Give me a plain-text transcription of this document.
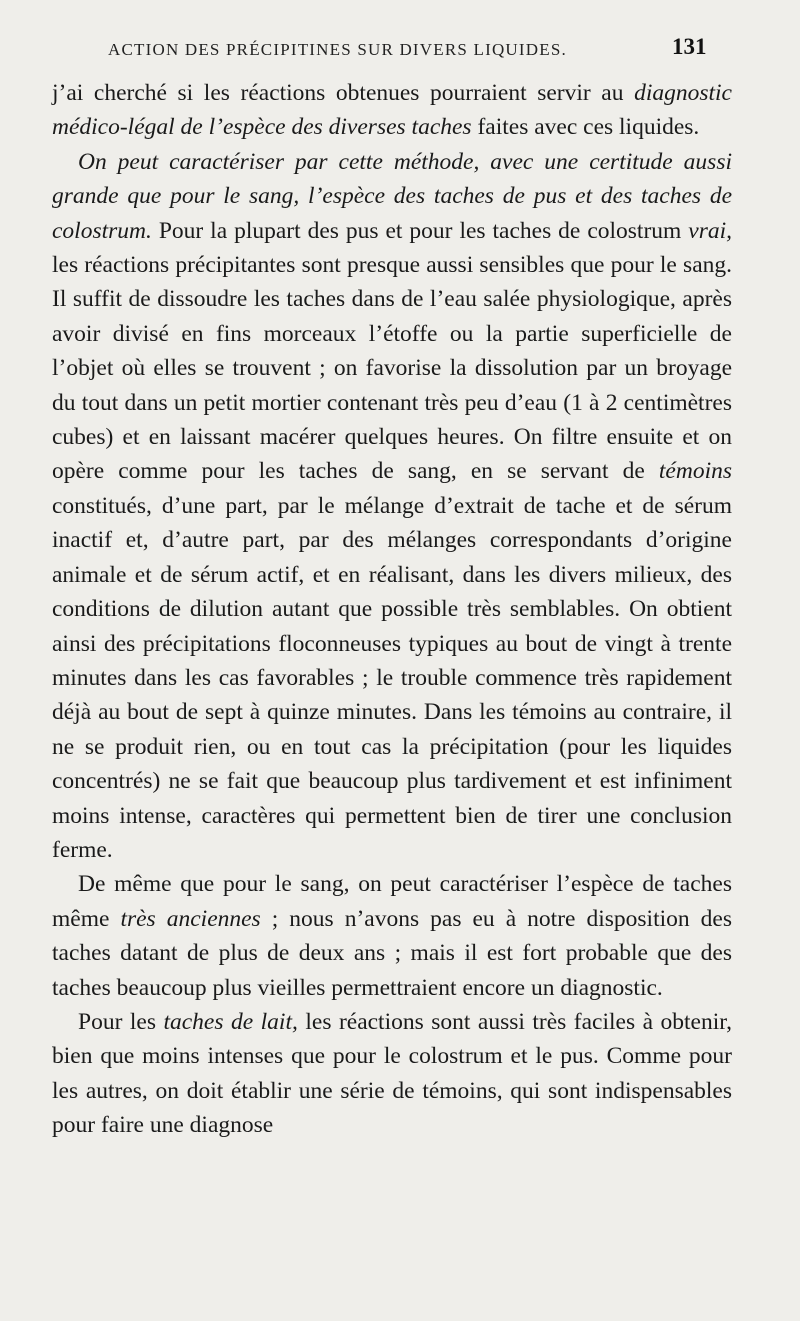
ACTION DES PRÉCIPITINES SUR DIVERS LIQUIDES.	131

j’ai cherché si les réactions obtenues pourraient servir au diagnostic médico-légal de l’espèce des diverses taches faites avec ces liquides.

On peut caractériser par cette méthode, avec une certitude aussi grande que pour le sang, l’espèce des taches de pus et des taches de colostrum. Pour la plupart des pus et pour les taches de colostrum vrai, les réactions précipitantes sont presque aussi sensibles que pour le sang. Il suffit de dissoudre les taches dans de l’eau salée physiologique, après avoir divisé en fins morceaux l’étoffe ou la partie superficielle de l’objet où elles se trouvent ; on favorise la dissolution par un broyage du tout dans un petit mortier contenant très peu d’eau (1 à 2 centimètres cubes) et en laissant macérer quelques heures. On filtre ensuite et on opère comme pour les taches de sang, en se servant de témoins constitués, d’une part, par le mélange d’extrait de tache et de sérum inactif et, d’autre part, par des mélanges correspondants d’origine animale et de sérum actif, et en réalisant, dans les divers milieux, des conditions de dilution autant que possible très semblables. On obtient ainsi des précipitations floconneuses typiques au bout de vingt à trente minutes dans les cas favorables ; le trouble commence très rapidement déjà au bout de sept à quinze minutes. Dans les témoins au contraire, il ne se produit rien, ou en tout cas la précipitation (pour les liquides concentrés) ne se fait que beaucoup plus tardivement et est infiniment moins intense, caractères qui permettent bien de tirer une conclusion ferme.

De même que pour le sang, on peut caractériser l’espèce de taches même très anciennes ; nous n’avons pas eu à notre disposition des taches datant de plus de deux ans ; mais il est fort probable que des taches beaucoup plus vieilles permettraient encore un diagnostic.

Pour les taches de lait, les réactions sont aussi très faciles à obtenir, bien que moins intenses que pour le colostrum et le pus. Comme pour les autres, on doit établir une série de témoins, qui sont indispensables pour faire une diagnose
